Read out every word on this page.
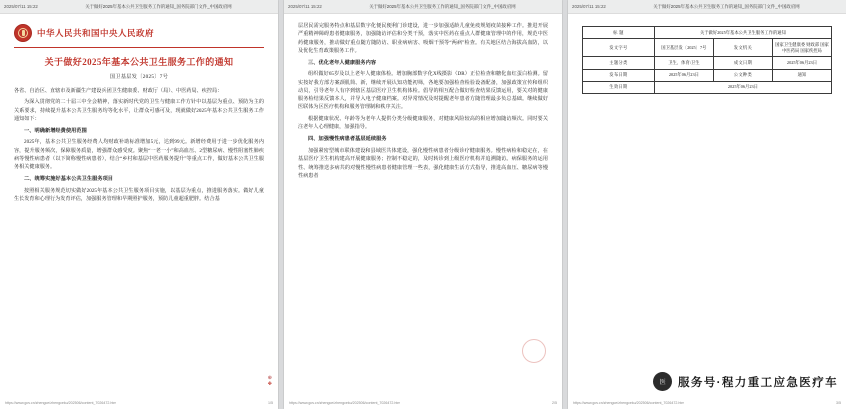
2025/07/11 15:22	关于做好2025年基本公共卫生服务工作的通知_国务院部门文件_中国政府网
中华人民共和国中央人民政府
关于做好2025年基本公共卫生服务工作的通知
国卫基层发〔2025〕7号

各省、自治区、直辖市及新疆生产建设兵团卫生健康委、财政厅（局）、中医药局、疾控局：

为深入贯彻党的二十届三中全会精神，落实新时代党的卫生与健康工作方针中以基层为重点、预防为主的关系要求，持续提升基本公共卫生服务均等化水平，让群众可感可及，现就做好2025年基本公共卫生服务工作通知如下：

一、明确新增经费使用范围

2025年，基本公共卫生服务经费人均财政补助标准增加5元，达到99元。新增经费用于进一步优化服务内容，提升服务频次，保障服务质量，增强群众感受度。聚焦“一老一小”和高血压、2型糖尿病、慢性阻塞性肺疾病等慢性病患者（以下简称慢性病患者），结合“乡村和基层中医药服务提升”等重点工作，做好基本公共卫生服务相关健康服务。

二、统筹实施好基本公共卫生服务项目

按照相关服务规范切实做好2025年基本公共卫生服务项目实施，以基层为重点，推进服务落实。做好儿童生长发育和心理行为发育评估，加强服务管理和早期照护服务，预防儿童超重肥胖。结合基

⊕
✥
https://www.gov.cn/zhengce/zhengceku/202506/content_7026472.htm	1/5
2025/07/11 15:22	关于做好2025年基本公共卫生服务工作的通知_国务院部门文件_中国政府网

层居民需完服务特点和基层数字化便民便利门诊建设，进一步加强适龄儿童免疫规划疫苗接种工作。推进开展严重精神障碍患者健康服务，加强随访评估和分类干预，落实中医药在重点人群健康管理中的作用，规范中医药健康服务，推动做好重点随方随防访、职业病病害、吸烟干预等“两病”检查。有关地区结合海拔高血防，以及优化生育政策服务工作。

三、优化老年人健康服务内容

组织做好65岁及以上老年人健康体检。增加胸部数字化X线摄影（DR）正位检查和糖化血红蛋白检测。留实按好我方部方案颈肌简、新，继续开展认知功能初筛，各地要加强检查检验设备配备，加强政策宣传和组织动员，引导老年人有序到辖区基层医疗卫生机构体检。倡导的相互配合做好检查结果反馈运用，要关对的健康服务检结果反馈本人，并导入电子健康档案。对异常情况及时提醒老年患者方随管理最多负总基础。继续做好医联体为区医疗机构和服务管理制和秩序关注。

根据健康状况、年龄等为老年人提供分类分级健康服务，对健康风险较高的相应增加随访频次。同时要关注老年人心理健康，加强指导。

四、加强慢性病患者基层延续服务

加强紧密型城市联体建设和县域医共体建设，强化慢性病患者分级诊疗健康服务。慢性病检和稳定在，在基层医疗卫生机构建高开展健康服务；控制不稳定的，及时转诊到上级医疗机构并追溯随访。病保服务的运用性、统筹推送多病共的对慢性慢性病患者健康管理一些表，强化健康生活方式指导，推进高血压、糖尿病等慢性病患者

https://www.gov.cn/zhengce/zhengceku/202506/content_7026472.htm	2/5
2025/07/11 15:22	关于做好2025年基本公共卫生服务工作的通知_国务院部门文件_中国政府网
标 题	关于做好2025年基本公共卫生服务工作的通知		
发文字号	国卫基层发〔2025〕7号	发文机关	国家卫生健康委 财政部 国家中医药局 国家疾控局
主题分类	卫生、体育\卫生	成文日期	2025年06月23日
发布日期	2025年06月23日	公文种类	通知
生效日期	2025年06月23日		
https://www.gov.cn/zhengce/zhengceku/202506/content_7026472.htm	3/5
医	服务号·程力重工应急医疗车
